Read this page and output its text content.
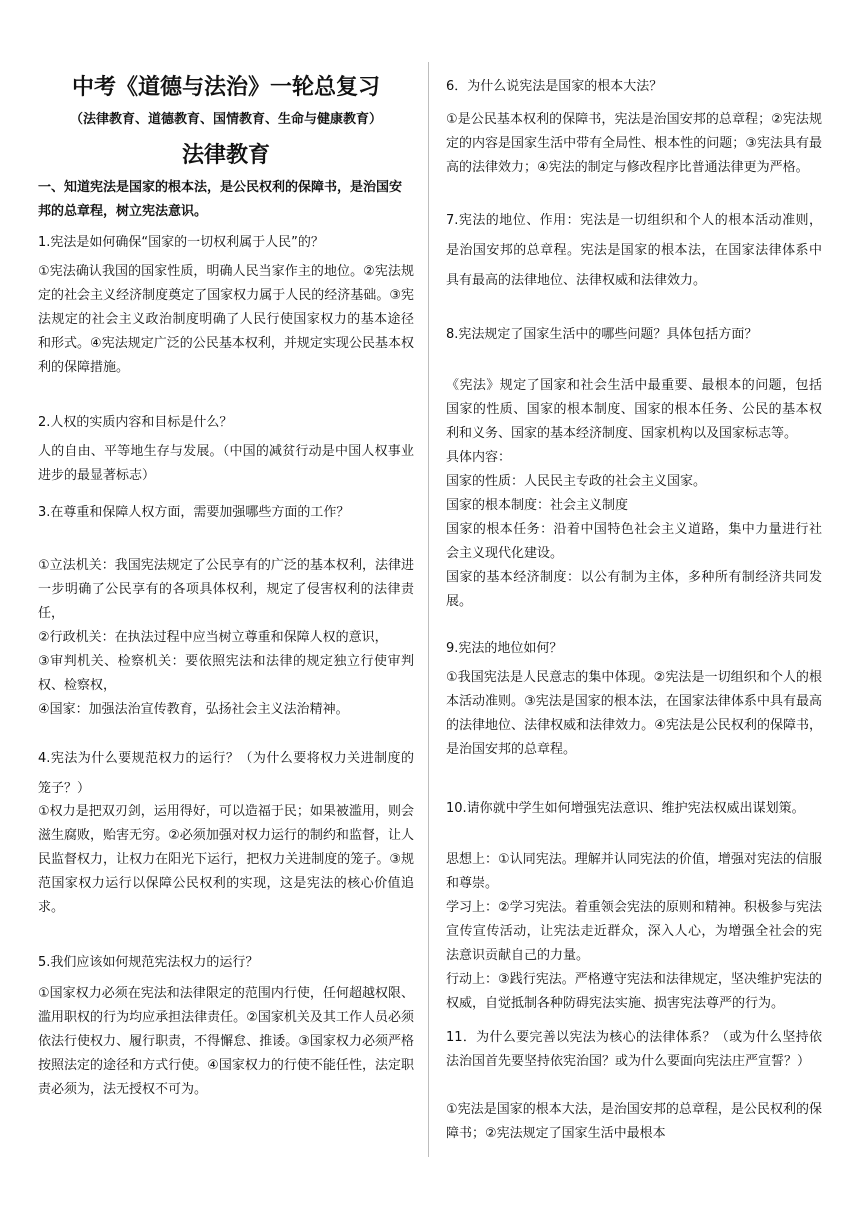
中考《道德与法治》一轮总复习
（法律教育、道德教育、国情教育、生命与健康教育）
法律教育
一、知道宪法是国家的根本法，是公民权利的保障书，是治国安邦的总章程，树立宪法意识。
1.宪法是如何确保“国家的一切权利属于人民”的？
①宪法确认我国的国家性质，明确人民当家作主的地位。②宪法规定的社会主义经济制度奠定了国家权力属于人民的经济基础。③宪法规定的社会主义政治制度明确了人民行使国家权力的基本途径和形式。④宪法规定广泛的公民基本权利，并规定实现公民基本权利的保障措施。
2.人权的实质内容和目标是什么？
人的自由、平等地生存与发展。（中国的减贫行动是中国人权事业进步的最显著标志）
3.在尊重和保障人权方面，需要加强哪些方面的工作？
①立法机关：我国宪法规定了公民享有的广泛的基本权利，法律进一步明确了公民享有的各项具体权利，规定了侵害权利的法律责任，
②行政机关：在执法过程中应当树立尊重和保障人权的意识，
③审判机关、检察机关：要依照宪法和法律的规定独立行使审判权、检察权，
④国家：加强法治宣传教育，弘扬社会主义法治精神。
4.宪法为什么要规范权力的运行？（为什么要将权力关进制度的笼子？）
①权力是把双刃剑，运用得好，可以造福于民；如果被滥用，则会滋生腐败，贻害无穷。②必须加强对权力运行的制约和监督，让人民监督权力，让权力在阳光下运行，把权力关进制度的笼子。③规范国家权力运行以保障公民权利的实现，这是宪法的核心价值追求。
5.我们应该如何规范宪法权力的运行？
①国家权力必须在宪法和法律限定的范围内行使，任何超越权限、滥用职权的行为均应承担法律责任。②国家机关及其工作人员必须依法行使权力、履行职责，不得懈怠、推诿。③国家权力必须严格按照法定的途径和方式行使。④国家权力的行使不能任性，法定职责必须为，法无授权不可为。
6．为什么说宪法是国家的根本大法？
①是公民基本权利的保障书，宪法是治国安邦的总章程；②宪法规定的内容是国家生活中带有全局性、根本性的问题；③宪法具有最高的法律效力；④宪法的制定与修改程序比普通法律更为严格。
7.宪法的地位、作用：宪法是一切组织和个人的根本活动准则，是治国安邦的总章程。宪法是国家的根本法，在国家法律体系中具有最高的法律地位、法律权威和法律效力。
8.宪法规定了国家生活中的哪些问题？具体包括方面？
《宪法》规定了国家和社会生活中最重要、最根本的问题，包括国家的性质、国家的根本制度、国家的根本任务、公民的基本权利和义务、国家的基本经济制度、国家机构以及国家标志等。
具体内容：
国家的性质：人民民主专政的社会主义国家。
国家的根本制度：社会主义制度
国家的根本任务：沿着中国特色社会主义道路，集中力量进行社会主义现代化建设。
国家的基本经济制度：以公有制为主体，多种所有制经济共同发展。
9.宪法的地位如何？
①我国宪法是人民意志的集中体现。②宪法是一切组织和个人的根本活动准则。③宪法是国家的根本法，在国家法律体系中具有最高的法律地位、法律权威和法律效力。④宪法是公民权利的保障书，是治国安邦的总章程。
10.请你就中学生如何增强宪法意识、维护宪法权威出谋划策。
思想上：①认同宪法。理解并认同宪法的价值，增强对宪法的信服和尊崇。
学习上：②学习宪法。着重领会宪法的原则和精神。积极参与宪法宣传宣传活动，让宪法走近群众，深入人心，为增强全社会的宪法意识贡献自己的力量。
行动上：③践行宪法。严格遵守宪法和法律规定，坚决维护宪法的权威，自觉抵制各种防碍宪法实施、损害宪法尊严的行为。
11．为什么要完善以宪法为核心的法律体系？（或为什么坚持依法治国首先要坚持依宪治国？或为什么要面向宪法庄严宣誓？）
①宪法是国家的根本大法，是治国安邦的总章程，是公民权利的保障书；②宪法规定了国家生活中最根本
